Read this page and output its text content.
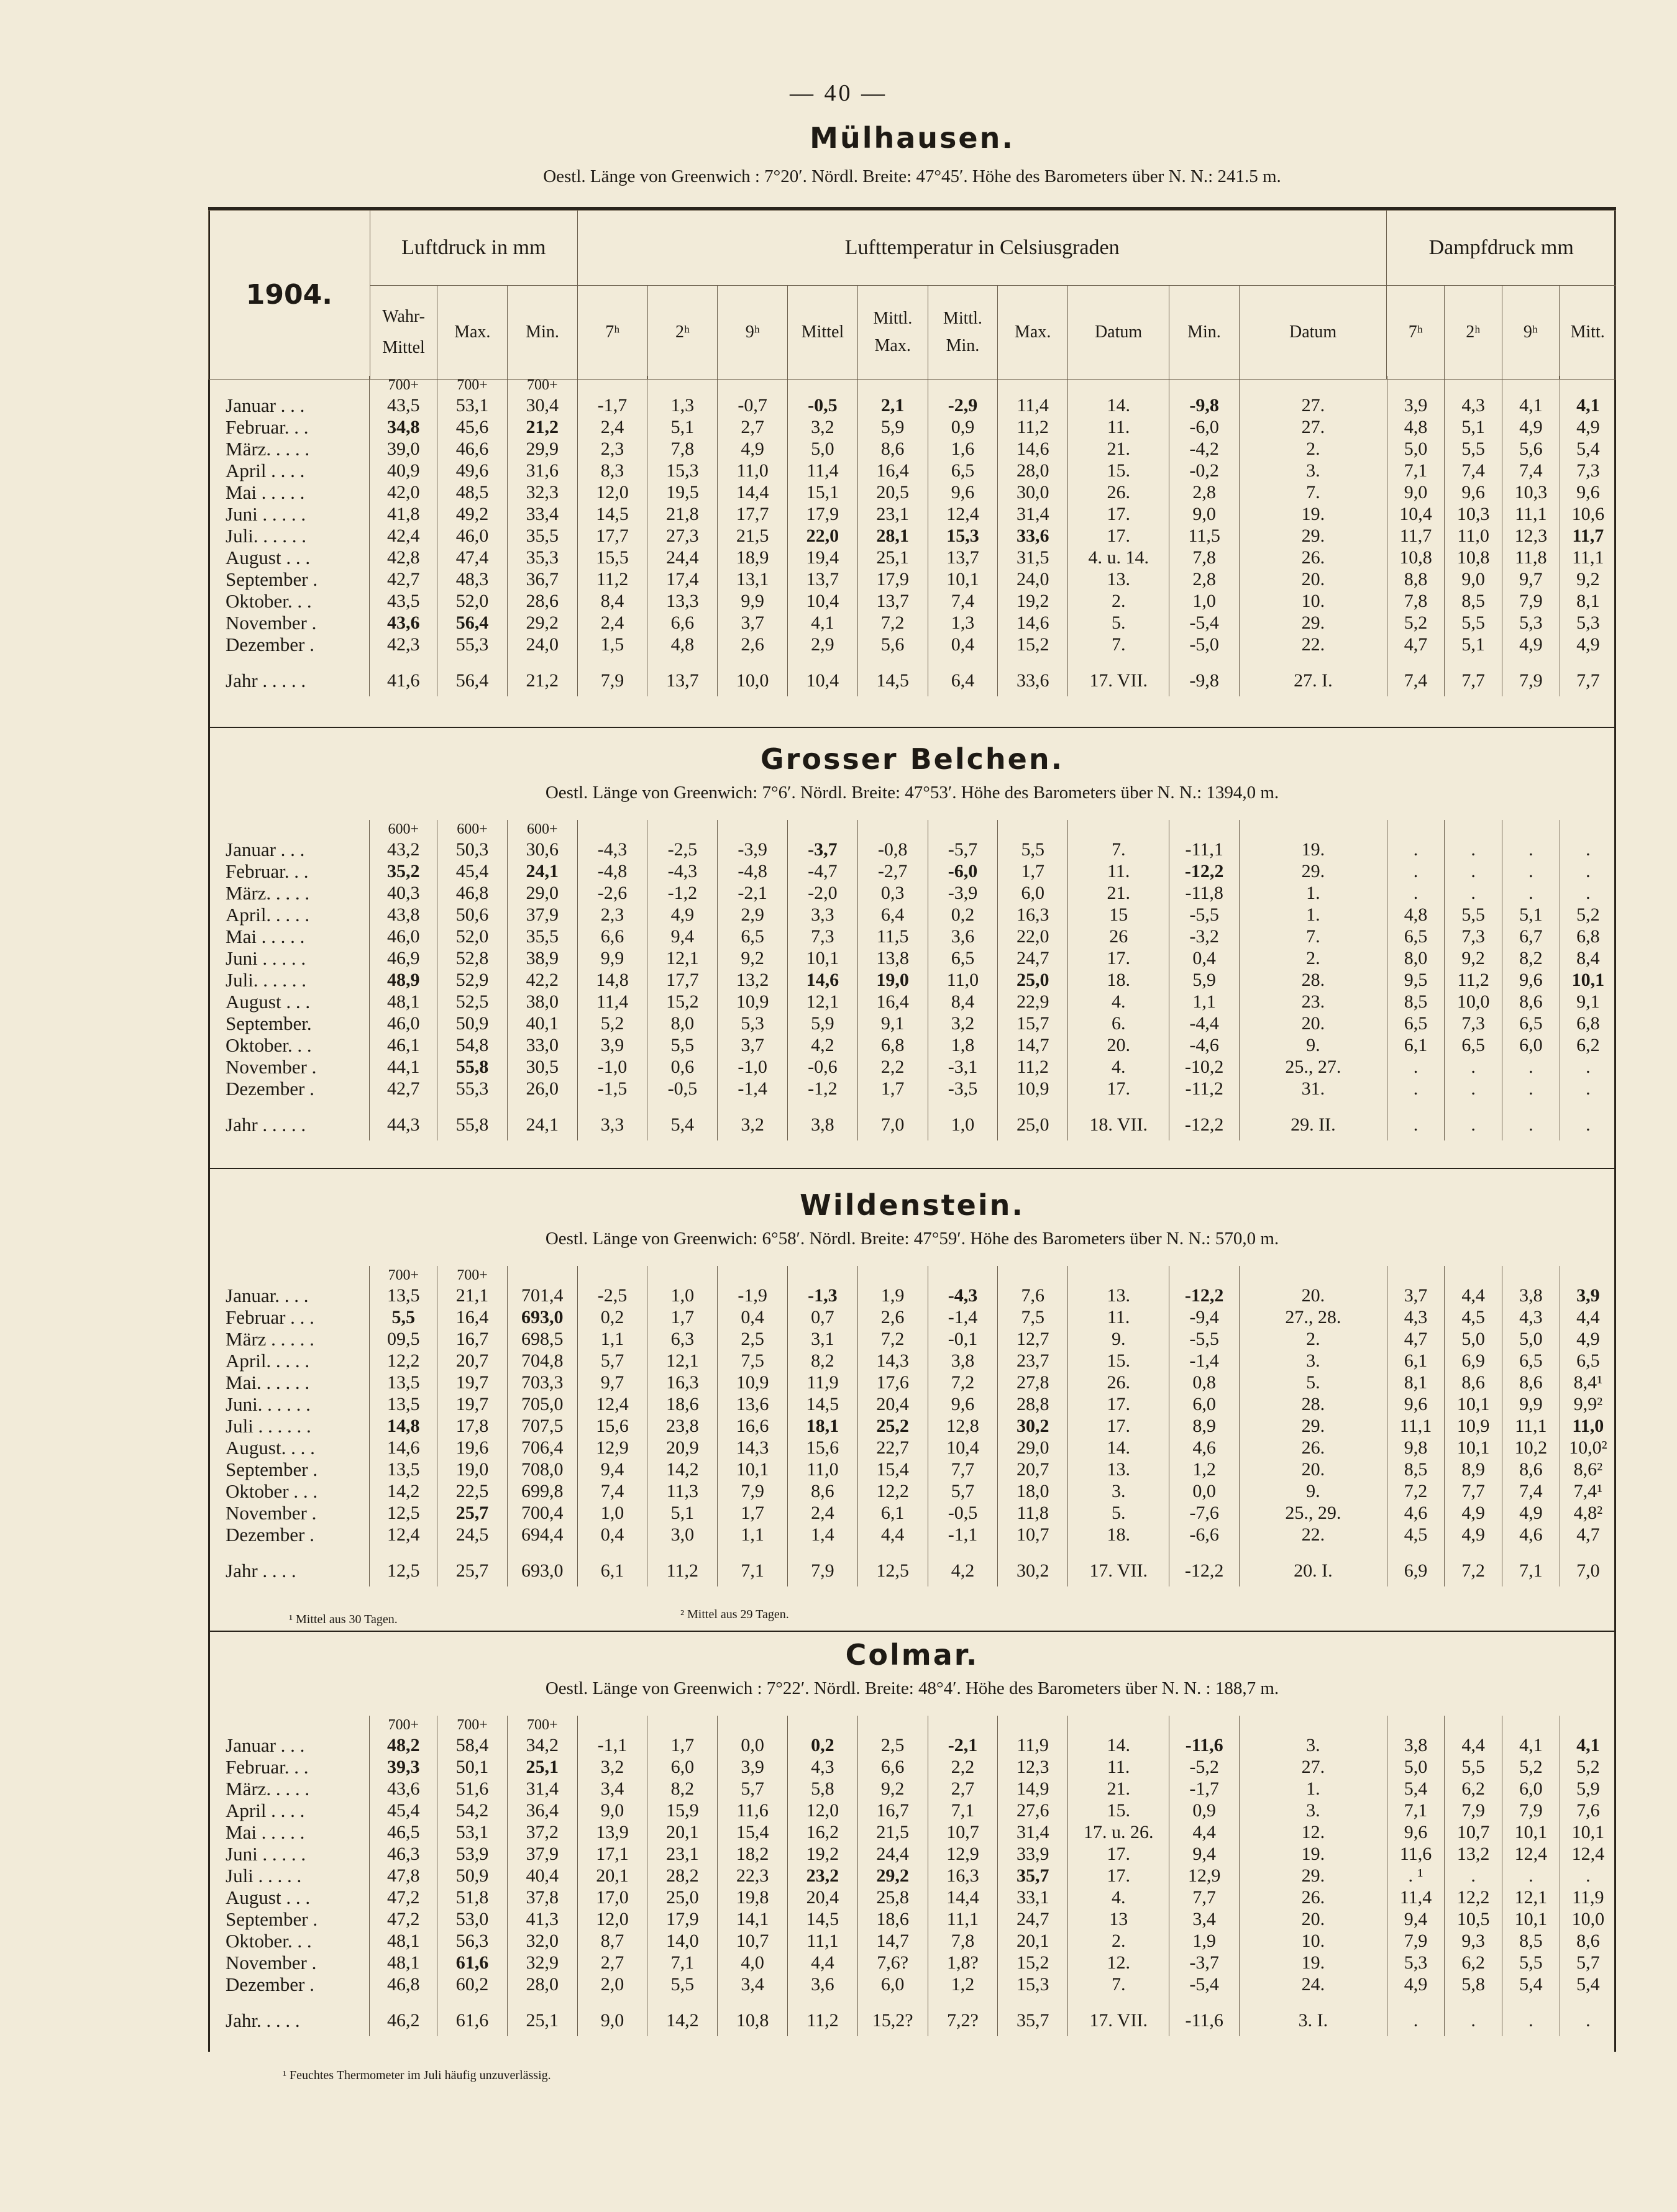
— 40 —
1904.	Luftdruck in mm			Lufttemperatur in Celsiusgraden										Dampfdruck mm			
	Wahr-Mittel	Max.	Min.	7ʰ	2ʰ	9ʰ	Mittel	Mittl. Max.	Mittl. Min.	Max.	Datum	Min.	Datum	7ʰ	2ʰ	9ʰ	Mitt.
Mülhausen.
Oestl. Länge von Greenwich : 7°20′. Nördl. Breite: 47°45′. Höhe des Barometers über N. N.: 241.5 m.
	700+	700+	700+														
Januar . . .	43,5	53,1	30,4	-1,7	1,3	-0,7	-0,5	2,1	-2,9	11,4	14.	-9,8	27.	3,9	4,3	4,1	4,1
Februar. . .	34,8	45,6	21,2	2,4	5,1	2,7	3,2	5,9	0,9	11,2	11.	-6,0	27.	4,8	5,1	4,9	4,9
März. . . . .	39,0	46,6	29,9	2,3	7,8	4,9	5,0	8,6	1,6	14,6	21.	-4,2	2.	5,0	5,5	5,6	5,4
April . . . .	40,9	49,6	31,6	8,3	15,3	11,0	11,4	16,4	6,5	28,0	15.	-0,2	3.	7,1	7,4	7,4	7,3
Mai . . . . .	42,0	48,5	32,3	12,0	19,5	14,4	15,1	20,5	9,6	30,0	26.	2,8	7.	9,0	9,6	10,3	9,6
Juni . . . . .	41,8	49,2	33,4	14,5	21,8	17,7	17,9	23,1	12,4	31,4	17.	9,0	19.	10,4	10,3	11,1	10,6
Juli. . . . . .	42,4	46,0	35,5	17,7	27,3	21,5	22,0	28,1	15,3	33,6	17.	11,5	29.	11,7	11,0	12,3	11,7
August . . .	42,8	47,4	35,3	15,5	24,4	18,9	19,4	25,1	13,7	31,5	4. u. 14.	7,8	26.	10,8	10,8	11,8	11,1
September .	42,7	48,3	36,7	11,2	17,4	13,1	13,7	17,9	10,1	24,0	13.	2,8	20.	8,8	9,0	9,7	9,2
Oktober. . .	43,5	52,0	28,6	8,4	13,3	9,9	10,4	13,7	7,4	19,2	2.	1,0	10.	7,8	8,5	7,9	8,1
November .	43,6	56,4	29,2	2,4	6,6	3,7	4,1	7,2	1,3	14,6	5.	-5,4	29.	5,2	5,5	5,3	5,3
Dezember .	42,3	55,3	24,0	1,5	4,8	2,6	2,9	5,6	0,4	15,2	7.	-5,0	22.	4,7	5,1	4,9	4,9

Jahr . . . . .	41,6	56,4	21,2	7,9	13,7	10,0	10,4	14,5	6,4	33,6	17. VII.	-9,8	27. I.	7,4	7,7	7,9	7,7
Grosser Belchen.
Oestl. Länge von Greenwich: 7°6′. Nördl. Breite: 47°53′. Höhe des Barometers über N. N.: 1394,0 m.
	600+	600+	600+														
Januar . . .	43,2	50,3	30,6	-4,3	-2,5	-3,9	-3,7	-0,8	-5,7	5,5	7.	-11,1	19.	.	.	.	.
Februar. . .	35,2	45,4	24,1	-4,8	-4,3	-4,8	-4,7	-2,7	-6,0	1,7	11.	-12,2	29.	.	.	.	.
März. . . . .	40,3	46,8	29,0	-2,6	-1,2	-2,1	-2,0	0,3	-3,9	6,0	21.	-11,8	1.	.	.	.	.
April. . . . .	43,8	50,6	37,9	2,3	4,9	2,9	3,3	6,4	0,2	16,3	15	-5,5	1.	4,8	5,5	5,1	5,2
Mai . . . . .	46,0	52,0	35,5	6,6	9,4	6,5	7,3	11,5	3,6	22,0	26	-3,2	7.	6,5	7,3	6,7	6,8
Juni . . . . .	46,9	52,8	38,9	9,9	12,1	9,2	10,1	13,8	6,5	24,7	17.	0,4	2.	8,0	9,2	8,2	8,4
Juli. . . . . .	48,9	52,9	42,2	14,8	17,7	13,2	14,6	19,0	11,0	25,0	18.	5,9	28.	9,5	11,2	9,6	10,1
August . . .	48,1	52,5	38,0	11,4	15,2	10,9	12,1	16,4	8,4	22,9	4.	1,1	23.	8,5	10,0	8,6	9,1
September.	46,0	50,9	40,1	5,2	8,0	5,3	5,9	9,1	3,2	15,7	6.	-4,4	20.	6,5	7,3	6,5	6,8
Oktober. . .	46,1	54,8	33,0	3,9	5,5	3,7	4,2	6,8	1,8	14,7	20.	-4,6	9.	6,1	6,5	6,0	6,2
November .	44,1	55,8	30,5	-1,0	0,6	-1,0	-0,6	2,2	-3,1	11,2	4.	-10,2	25., 27.	.	.	.	.
Dezember .	42,7	55,3	26,0	-1,5	-0,5	-1,4	-1,2	1,7	-3,5	10,9	17.	-11,2	31.	.	.	.	.

Jahr . . . . .	44,3	55,8	24,1	3,3	5,4	3,2	3,8	7,0	1,0	25,0	18. VII.	-12,2	29. II.	.	.	.	.
Wildenstein.
Oestl. Länge von Greenwich: 6°58′. Nördl. Breite: 47°59′. Höhe des Barometers über N. N.: 570,0 m.
	700+	700+															
Januar. . . .	13,5	21,1	701,4	-2,5	1,0	-1,9	-1,3	1,9	-4,3	7,6	13.	-12,2	20.	3,7	4,4	3,8	3,9
Februar . . .	5,5	16,4	693,0	0,2	1,7	0,4	0,7	2,6	-1,4	7,5	11.	-9,4	27., 28.	4,3	4,5	4,3	4,4
März . . . . .	09,5	16,7	698,5	1,1	6,3	2,5	3,1	7,2	-0,1	12,7	9.	-5,5	2.	4,7	5,0	5,0	4,9
April. . . . .	12,2	20,7	704,8	5,7	12,1	7,5	8,2	14,3	3,8	23,7	15.	-1,4	3.	6,1	6,9	6,5	6,5
Mai. . . . . .	13,5	19,7	703,3	9,7	16,3	10,9	11,9	17,6	7,2	27,8	26.	0,8	5.	8,1	8,6	8,6	8,4¹
Juni. . . . . .	13,5	19,7	705,0	12,4	18,6	13,6	14,5	20,4	9,6	28,8	17.	6,0	28.	9,6	10,1	9,9	9,9²
Juli . . . . . .	14,8	17,8	707,5	15,6	23,8	16,6	18,1	25,2	12,8	30,2	17.	8,9	29.	11,1	10,9	11,1	11,0
August. . . .	14,6	19,6	706,4	12,9	20,9	14,3	15,6	22,7	10,4	29,0	14.	4,6	26.	9,8	10,1	10,2	10,0²
September .	13,5	19,0	708,0	9,4	14,2	10,1	11,0	15,4	7,7	20,7	13.	1,2	20.	8,5	8,9	8,6	8,6²
Oktober . . .	14,2	22,5	699,8	7,4	11,3	7,9	8,6	12,2	5,7	18,0	3.	0,0	9.	7,2	7,7	7,4	7,4¹
November .	12,5	25,7	700,4	1,0	5,1	1,7	2,4	6,1	-0,5	11,8	5.	-7,6	25., 29.	4,6	4,9	4,9	4,8²
Dezember .	12,4	24,5	694,4	0,4	3,0	1,1	1,4	4,4	-1,1	10,7	18.	-6,6	22.	4,5	4,9	4,6	4,7

Jahr . . . .	12,5	25,7	693,0	6,1	11,2	7,1	7,9	12,5	4,2	30,2	17. VII.	-12,2	20. I.	6,9	7,2	7,1	7,0
¹ Mittel aus 30 Tagen.	² Mittel aus 29 Tagen.
Colmar.
Oestl. Länge von Greenwich : 7°22′. Nördl. Breite: 48°4′. Höhe des Barometers über N. N. : 188,7 m.
	700+	700+	700+														
Januar . . .	48,2	58,4	34,2	-1,1	1,7	0,0	0,2	2,5	-2,1	11,9	14.	-11,6	3.	3,8	4,4	4,1	4,1
Februar. . .	39,3	50,1	25,1	3,2	6,0	3,9	4,3	6,6	2,2	12,3	11.	-5,2	27.	5,0	5,5	5,2	5,2
März. . . . .	43,6	51,6	31,4	3,4	8,2	5,7	5,8	9,2	2,7	14,9	21.	-1,7	1.	5,4	6,2	6,0	5,9
April . . . .	45,4	54,2	36,4	9,0	15,9	11,6	12,0	16,7	7,1	27,6	15.	0,9	3.	7,1	7,9	7,9	7,6
Mai . . . . .	46,5	53,1	37,2	13,9	20,1	15,4	16,2	21,5	10,7	31,4	17. u. 26.	4,4	12.	9,6	10,7	10,1	10,1
Juni . . . . .	46,3	53,9	37,9	17,1	23,1	18,2	19,2	24,4	12,9	33,9	17.	9,4	19.	11,6	13,2	12,4	12,4
Juli . . . . .	47,8	50,9	40,4	20,1	28,2	22,3	23,2	29,2	16,3	35,7	17.	12,9	29.	. ¹	.	.	.
August . . .	47,2	51,8	37,8	17,0	25,0	19,8	20,4	25,8	14,4	33,1	4.	7,7	26.	11,4	12,2	12,1	11,9
September .	47,2	53,0	41,3	12,0	17,9	14,1	14,5	18,6	11,1	24,7	13	3,4	20.	9,4	10,5	10,1	10,0
Oktober. . .	48,1	56,3	32,0	8,7	14,0	10,7	11,1	14,7	7,8	20,1	2.	1,9	10.	7,9	9,3	8,5	8,6
November .	48,1	61,6	32,9	2,7	7,1	4,0	4,4	7,6?	1,8?	15,2	12.	-3,7	19.	5,3	6,2	5,5	5,7
Dezember .	46,8	60,2	28,0	2,0	5,5	3,4	3,6	6,0	1,2	15,3	7.	-5,4	24.	4,9	5,8	5,4	5,4

Jahr. . . . .	46,2	61,6	25,1	9,0	14,2	10,8	11,2	15,2?	7,2?	35,7	17. VII.	-11,6	3. I.	.	.	.	.
¹ Feuchtes Thermometer im Juli häufig unzuverlässig.
